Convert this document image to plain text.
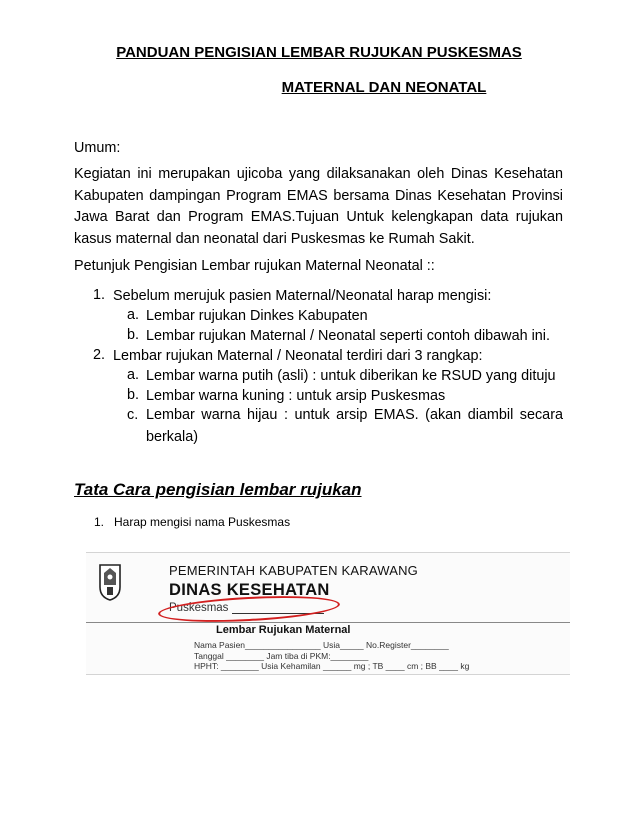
PANDUAN PENGISIAN LEMBAR RUJUKAN PUSKESMAS
MATERNAL DAN NEONATAL
Umum:
Kegiatan ini merupakan ujicoba yang dilaksanakan oleh Dinas Kesehatan Kabupaten dampingan Program EMAS bersama Dinas Kesehatan Provinsi Jawa Barat dan Program EMAS.Tujuan Untuk kelengkapan data rujukan kasus maternal dan neonatal dari Puskesmas ke Rumah Sakit.
Petunjuk Pengisian Lembar rujukan Maternal Neonatal ::
1. Sebelum merujuk pasien Maternal/Neonatal harap mengisi:
a. Lembar rujukan Dinkes Kabupaten
b. Lembar rujukan Maternal / Neonatal seperti contoh dibawah ini.
2. Lembar rujukan Maternal / Neonatal terdiri dari 3 rangkap:
a. Lembar warna putih (asli) : untuk diberikan ke RSUD yang dituju
b. Lembar warna kuning : untuk arsip Puskesmas
c. Lembar warna hijau : untuk arsip EMAS. (akan diambil secara berkala)
Tata Cara pengisian lembar rujukan
1. Harap mengisi nama Puskesmas
PEMERINTAH KABUPATEN KARAWANG
DINAS KESEHATAN
Puskesmas
Lembar Rujukan Maternal
Nama Pasien________________ Usia_____ No.Register________
Tanggal ________ Jam tiba di PKM:________
HPHT: ________ Usia Kehamilan ______ mg ; TB ____ cm ; BB ____ kg
